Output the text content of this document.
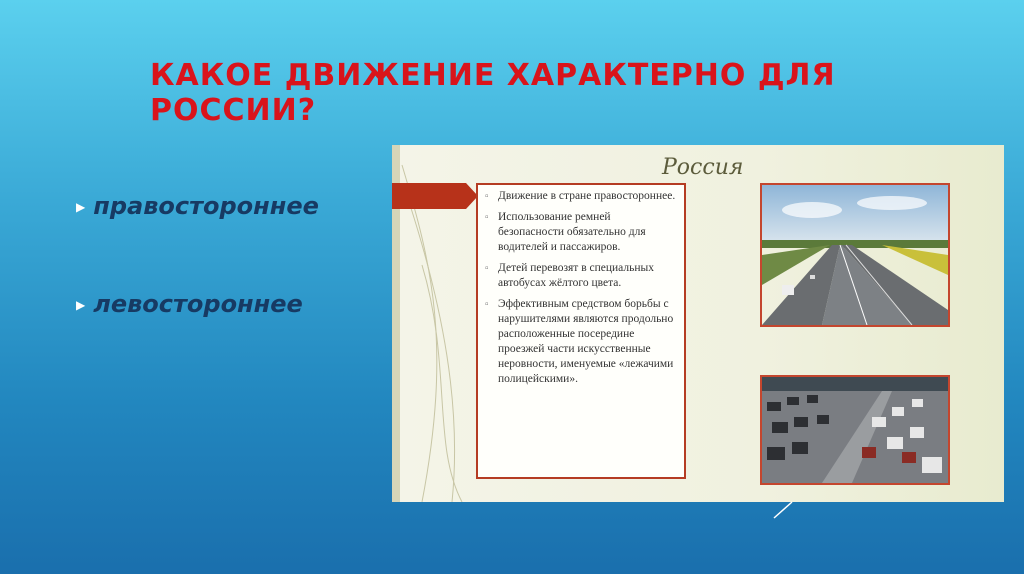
КАКОЕ ДВИЖЕНИЕ ХАРАКТЕРНО ДЛЯ РОССИИ?
▶ правостороннее
▶ левостороннее
Россия
▫ Движение в стране правостороннее.
▫ Использование ремней безопасности обязательно для водителей и пассажиров.
▫ Детей перевозят в специальных автобусах жёлтого цвета.
▫ Эффективным средством борьбы с нарушителями являются продольно расположенные посередине проезжей части искусственные неровности, именуемые «лежачими полицейскими».
